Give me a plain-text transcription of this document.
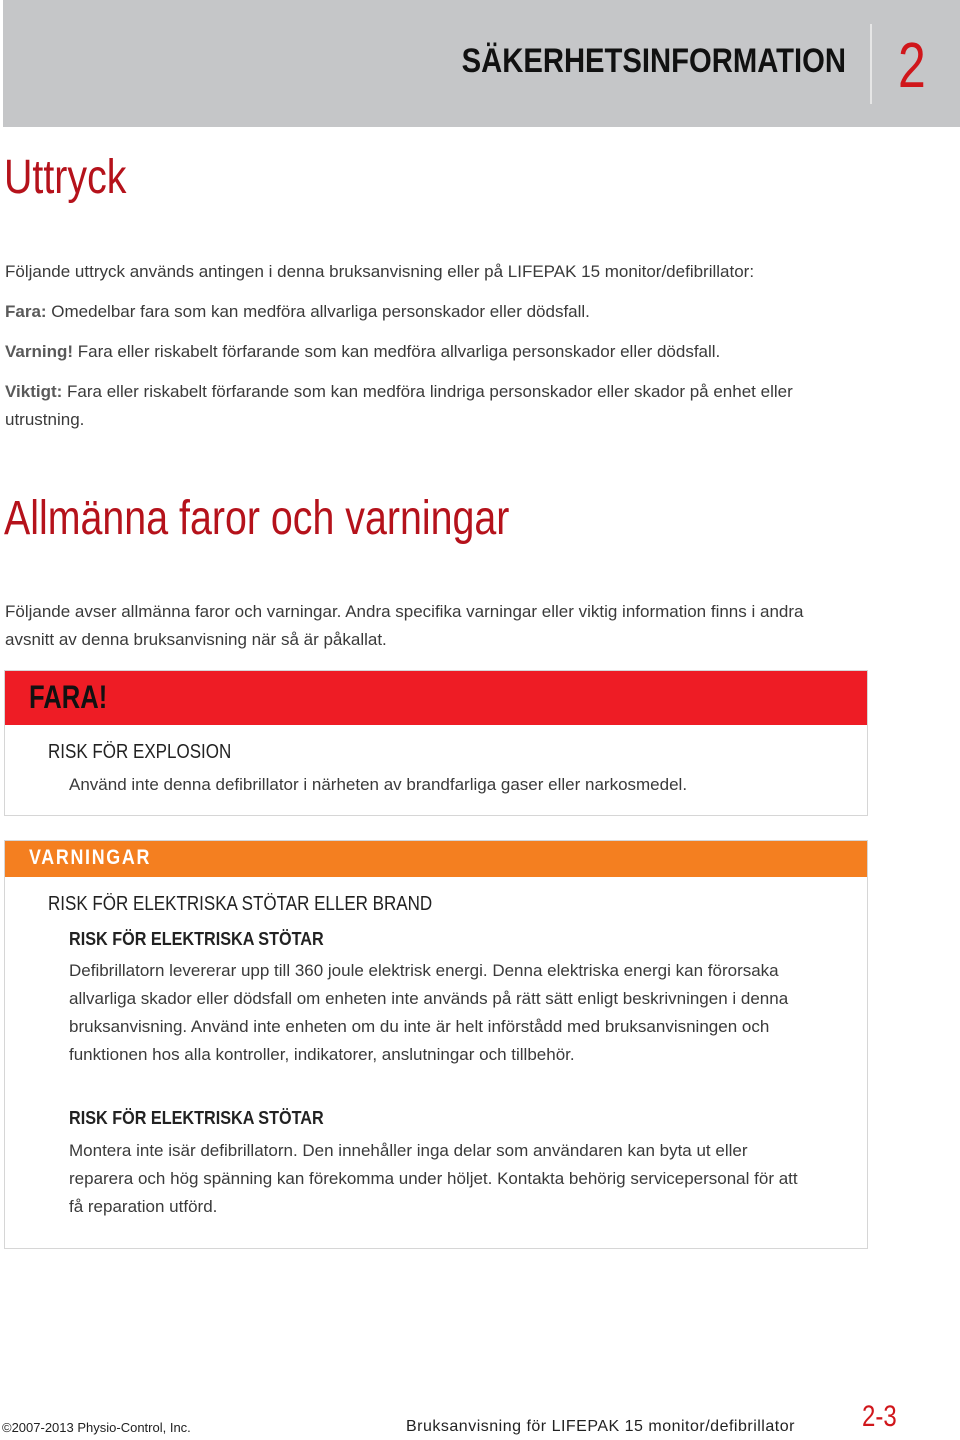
SÄKERHETSINFORMATION 2
Uttryck

Följande uttryck används antingen i denna bruksanvisning eller på LIFEPAK 15 monitor/defibrillator:

Fara: Omedelbar fara som kan medföra allvarliga personskador eller dödsfall.

Varning! Fara eller riskabelt förfarande som kan medföra allvarliga personskador eller dödsfall.

Viktigt: Fara eller riskabelt förfarande som kan medföra lindriga personskador eller skador på enhet eller utrustning.

Allmänna faror och varningar

Följande avser allmänna faror och varningar. Andra specifika varningar eller viktig information finns i andra avsnitt av denna bruksanvisning när så är påkallat.

FARA!
RISK FÖR EXPLOSION

Använd inte denna defibrillator i närheten av brandfarliga gaser eller narkosmedel.

VARNINGAR
RISK FÖR ELEKTRISKA STÖTAR ELLER BRAND
RISK FÖR ELEKTRISKA STÖTAR

Defibrillatorn levererar upp till 360 joule elektrisk energi. Denna elektriska energi kan förorsaka allvarliga skador eller dödsfall om enheten inte används på rätt sätt enligt beskrivningen i denna bruksanvisning. Använd inte enheten om du inte är helt införstådd med bruksanvisningen och funktionen hos alla kontroller, indikatorer, anslutningar och tillbehör.

RISK FÖR ELEKTRISKA STÖTAR

Montera inte isär defibrillatorn. Den innehåller inga delar som användaren kan byta ut eller reparera och hög spänning kan förekomma under höljet. Kontakta behörig servicepersonal för att få reparation utförd.

©2007-2013 Physio-Control, Inc.	Bruksanvisning för LIFEPAK 15 monitor/defibrillator 2-3
